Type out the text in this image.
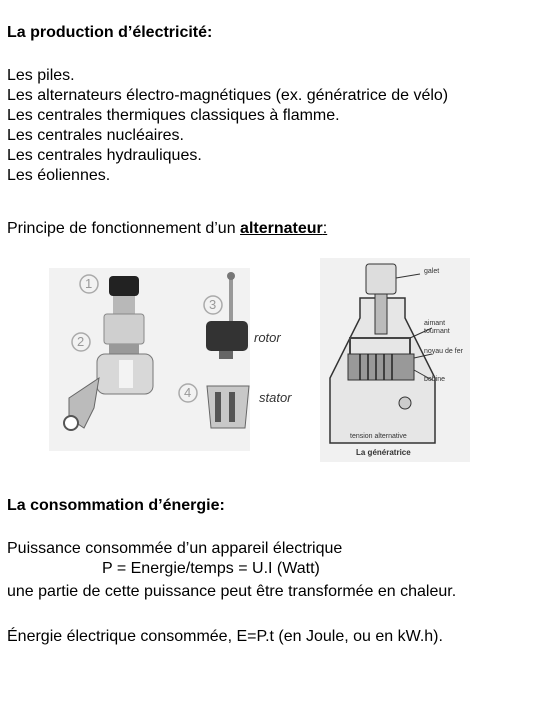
La production d’électricité:
Les piles.
Les alternateurs électro-magnétiques (ex. génératrice de vélo)
Les centrales thermiques classiques à flamme.
Les centrales nucléaires.
Les centrales hydrauliques.
Les éoliennes.
Principe de fonctionnement d’un alternateur:
1
2
3
4
rotor
stator
galet
aimant tournant
noyau de fer
bobine
tension alternative
La génératrice
La consommation d’énergie:
Puissance consommée d’un appareil électrique
P = Energie/temps = U.I (Watt)
une partie de cette puissance peut être transformée en chaleur.
Énergie électrique consommée, E=P.t (en Joule, ou en kW.h).
